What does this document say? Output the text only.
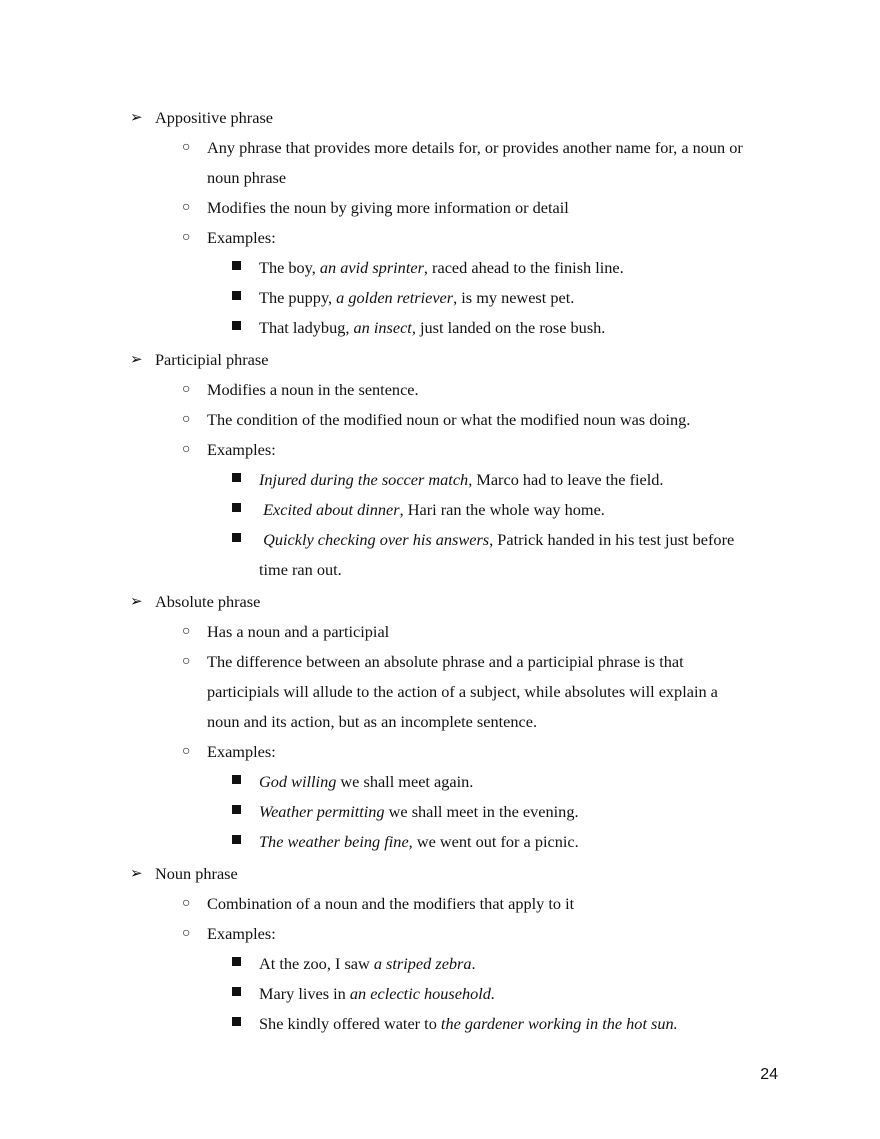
➢ Appositive phrase
○ Any phrase that provides more details for, or provides another name for, a noun or
noun phrase
○ Modifies the noun by giving more information or detail
○ Examples:
The boy, an avid sprinter, raced ahead to the finish line.
The puppy, a golden retriever, is my newest pet.
That ladybug, an insect, just landed on the rose bush.
➢ Participial phrase
○ Modifies a noun in the sentence.
○ The condition of the modified noun or what the modified noun was doing.
○ Examples:
Injured during the soccer match, Marco had to leave the field.
Excited about dinner, Hari ran the whole way home.
Quickly checking over his answers, Patrick handed in his test just before
time ran out.
➢ Absolute phrase
○ Has a noun and a participial
○ The difference between an absolute phrase and a participial phrase is that
participials will allude to the action of a subject, while absolutes will explain a
noun and its action, but as an incomplete sentence.
○ Examples:
God willing we shall meet again.
Weather permitting we shall meet in the evening.
The weather being fine, we went out for a picnic.
➢ Noun phrase
○ Combination of a noun and the modifiers that apply to it
○ Examples:
At the zoo, I saw a striped zebra.
Mary lives in an eclectic household.
She kindly offered water to the gardener working in the hot sun.
24
